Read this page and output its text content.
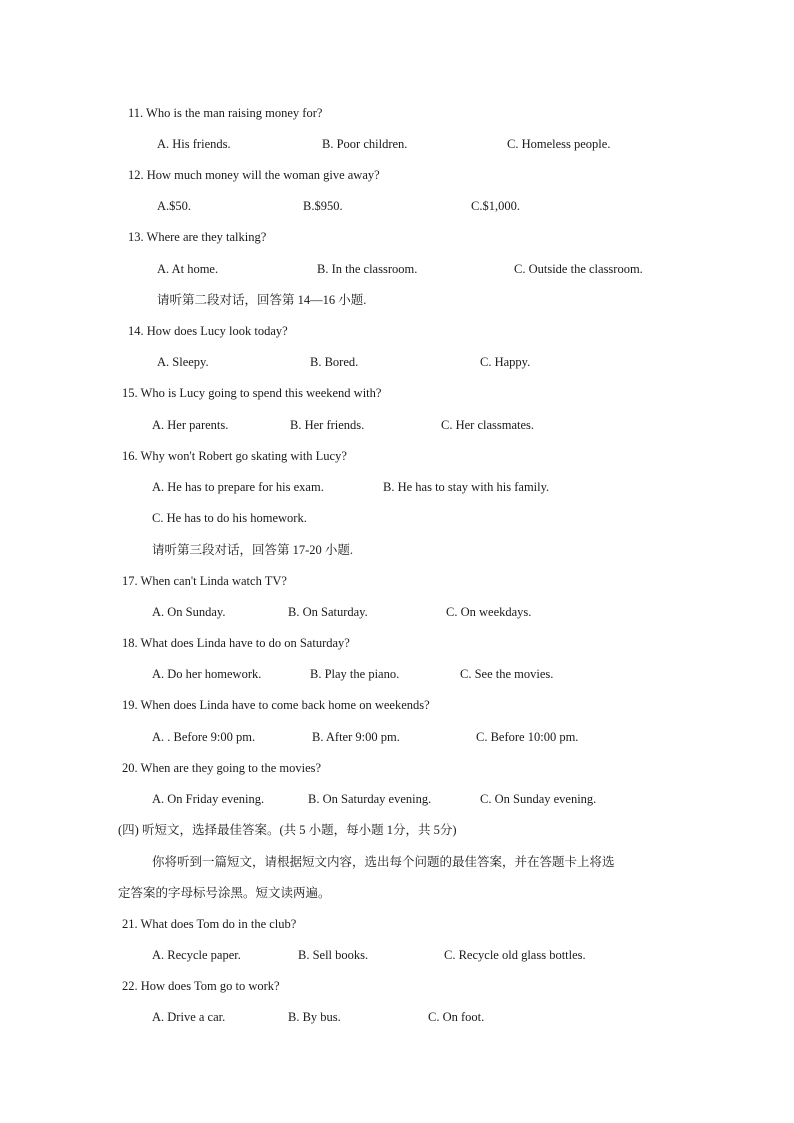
11. Who is the man raising money for?
A. His friends.	B. Poor children.	C. Homeless people.
12. How much money will the woman give away?
A.$50.	B.$950.	C.$1,000.
13. Where are they talking?
A. At home.	B. In the classroom.	C. Outside the classroom.
请听第二段对话，回答第 14—16 小题.
14. How does Lucy look today?
A. Sleepy.	B. Bored.	C. Happy.
15. Who is Lucy going to spend this weekend with?
A. Her parents.	B. Her friends.	C. Her classmates.
16. Why won't Robert go skating with Lucy?
A. He has to prepare for his exam.	B. He has to stay with his family.
C. He has to do his homework.
请听第三段对话，回答第 17-20 小题.
17. When can't Linda watch TV?
A. On Sunday.	B. On Saturday.	C. On weekdays.
18. What does Linda have to do on Saturday?
A. Do her homework.	B. Play the piano.	C. See the movies.
19. When does Linda have to come back home on weekends?
A. . Before 9:00 pm.	B. After 9:00 pm.	C. Before 10:00 pm.
20. When are they going to the movies?
A. On Friday evening.	B. On Saturday evening.	C. On Sunday evening.
(四) 听短文，选择最佳答案。(共 5 小题，每小题 1分，共 5分)
你将听到一篇短文，请根据短文内容，选出每个问题的最佳答案，并在答题卡上将选
定答案的字母标号涂黑。短文读两遍。
21. What does Tom do in the club?
A. Recycle paper.	B. Sell books.	C. Recycle old glass bottles.
22. How does Tom go to work?
A. Drive a car.	B. By bus.	C. On foot.
